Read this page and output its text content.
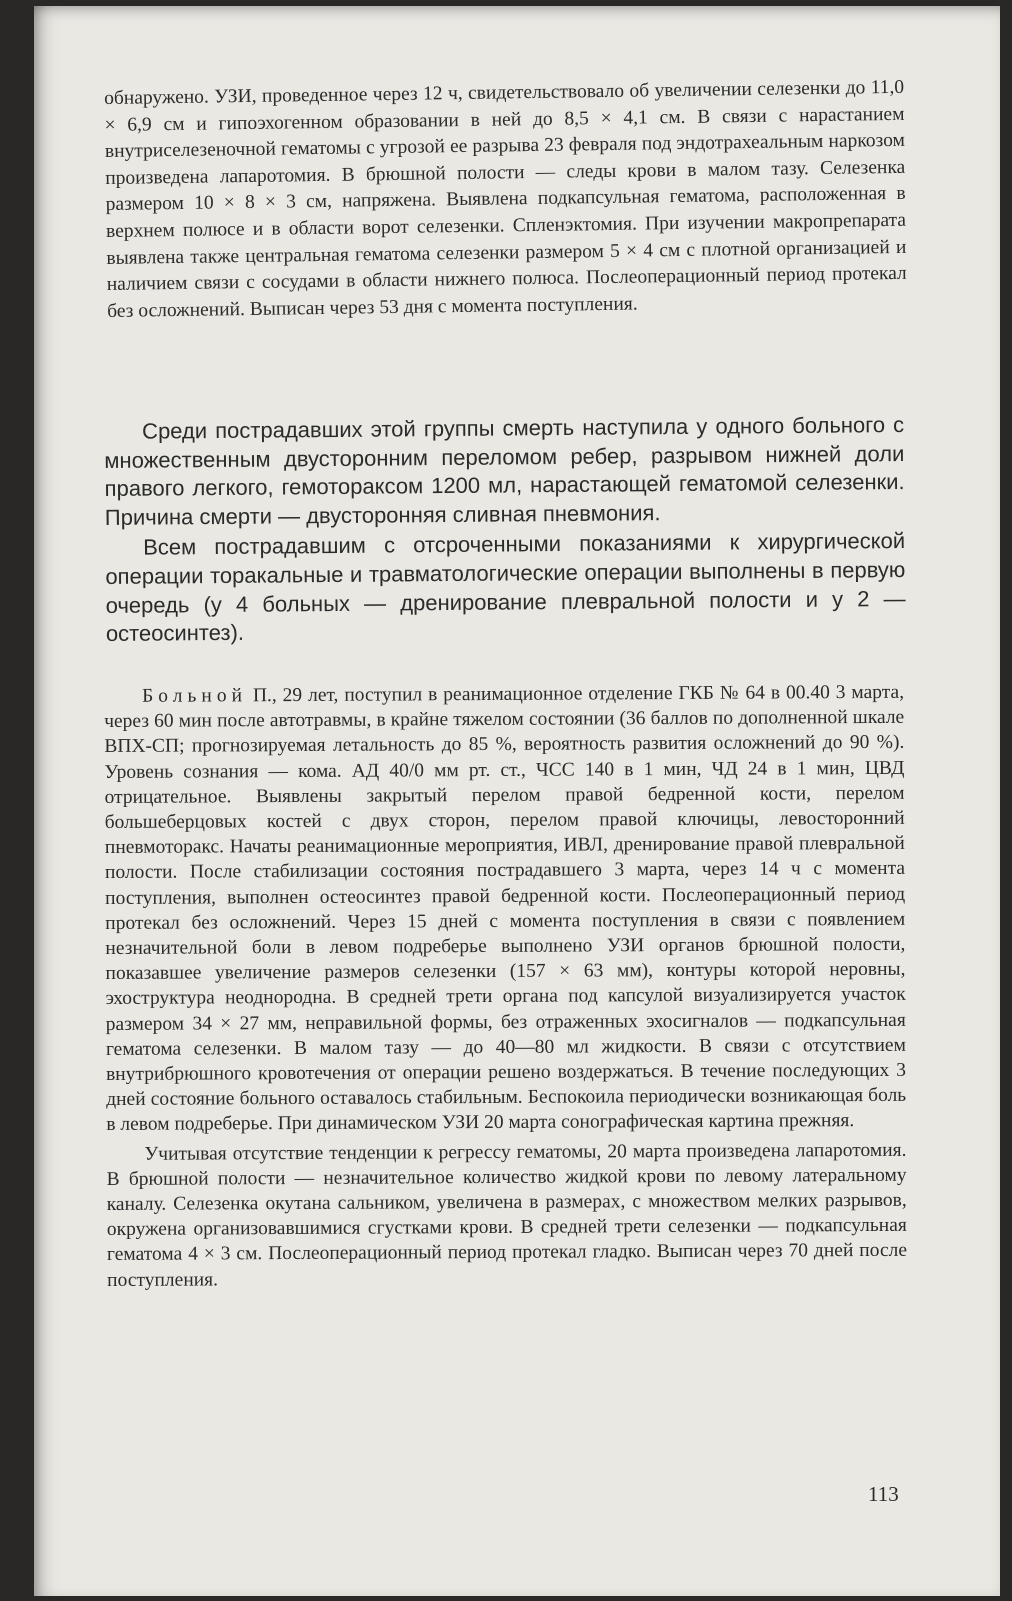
обнаружено. УЗИ, проведенное через 12 ч, свидетельствовало об увеличении селезенки до 11,0 × 6,9 см и гипоэхогенном образовании в ней до 8,5 × 4,1 см. В связи с нарастанием внутриселезеночной гематомы с угрозой ее разрыва 23 февраля под эндотрахеальным наркозом произведена лапаротомия. В брюшной полости — следы крови в малом тазу. Селезенка размером 10 × 8 × 3 см, напряжена. Выявлена подкапсульная гематома, расположенная в верхнем полюсе и в области ворот селезенки. Спленэктомия. При изучении макропрепарата выявлена также центральная гематома селезенки размером 5 × 4 см с плотной организацией и наличием связи с сосудами в области нижнего полюса. Послеоперационный период протекал без осложнений. Выписан через 53 дня с момента поступления.

Среди пострадавших этой группы смерть наступила у одного больного с множественным двусторонним переломом ребер, разрывом нижней доли правого легкого, гемотораксом 1200 мл, нарастающей гематомой селезенки. Причина смерти — двусторонняя сливная пневмония.

Всем пострадавшим с отсроченными показаниями к хирургической операции торакальные и травматологические операции выполнены в первую очередь (у 4 больных — дренирование плевральной полости и у 2 — остеосинтез).

Больной П., 29 лет, поступил в реанимационное отделение ГКБ № 64 в 00.40 3 марта, через 60 мин после автотравмы, в крайне тяжелом состоянии (36 баллов по дополненной шкале ВПХ-СП; прогнозируемая летальность до 85 %, вероятность развития осложнений до 90 %). Уровень сознания — кома. АД 40/0 мм рт. ст., ЧСС 140 в 1 мин, ЧД 24 в 1 мин, ЦВД отрицательное. Выявлены закрытый перелом правой бедренной кости, перелом большеберцовых костей с двух сторон, перелом правой ключицы, левосторонний пневмоторакс. Начаты реанимационные мероприятия, ИВЛ, дренирование правой плевральной полости. После стабилизации состояния пострадавшего 3 марта, через 14 ч с момента поступления, выполнен остеосинтез правой бедренной кости. Послеоперационный период протекал без осложнений. Через 15 дней с момента поступления в связи с появлением незначительной боли в левом подреберье выполнено УЗИ органов брюшной полости, показавшее увеличение размеров селезенки (157 × 63 мм), контуры которой неровны, эхоструктура неоднородна. В средней трети органа под капсулой визуализируется участок размером 34 × 27 мм, неправильной формы, без отраженных эхосигналов — подкапсульная гематома селезенки. В малом тазу — до 40—80 мл жидкости. В связи с отсутствием внутрибрюшного кровотечения от операции решено воздержаться. В течение последующих 3 дней состояние больного оставалось стабильным. Беспокоила периодически возникающая боль в левом подреберье. При динамическом УЗИ 20 марта сонографическая картина прежняя.

Учитывая отсутствие тенденции к регрессу гематомы, 20 марта произведена лапаротомия. В брюшной полости — незначительное количество жидкой крови по левому латеральному каналу. Селезенка окутана сальником, увеличена в размерах, с множеством мелких разрывов, окружена организовавшимися сгустками крови. В средней трети селезенки — подкапсульная гематома 4 × 3 см. Послеоперационный период протекал гладко. Выписан через 70 дней после поступления.

113
